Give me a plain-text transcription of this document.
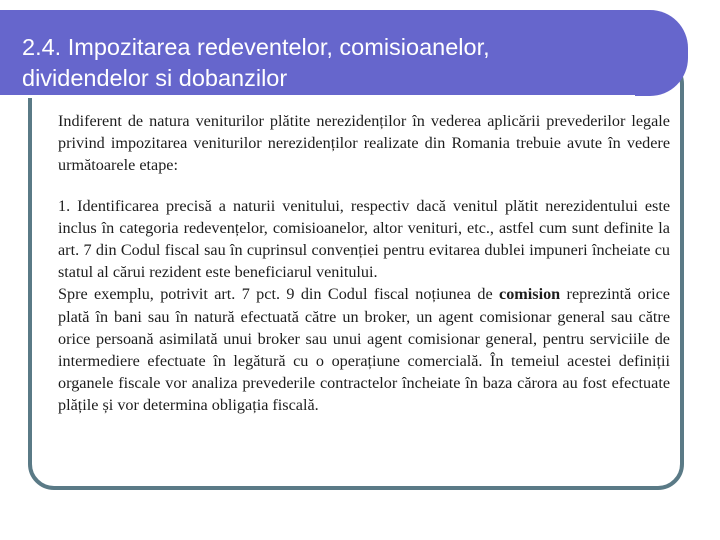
2.4. Impozitarea redeventelor, comisioanelor,
dividendelor si dobanzilor

Indiferent de natura veniturilor plătite nerezidenților în vederea aplicării prevederilor legale privind impozitarea veniturilor nerezidenților realizate din Romania trebuie avute în vedere următoarele etape:

1. Identificarea precisă a naturii venitului, respectiv dacă venitul plătit nerezidentului este inclus în categoria redevențelor, comisioanelor, altor venituri, etc., astfel cum sunt definite la art. 7 din Codul fiscal sau în cuprinsul convenției pentru evitarea dublei impuneri încheiate cu statul al cărui rezident este beneficiarul venitului.

Spre exemplu, potrivit art. 7 pct. 9 din Codul fiscal noțiunea de comision reprezintă orice plată în bani sau în natură efectuată către un broker, un agent comisionar general sau către orice persoană asimilată unui broker sau unui agent comisionar general, pentru serviciile de intermediere efectuate în legătură cu o operațiune comercială. În temeiul acestei definiții organele fiscale vor analiza prevederile contractelor încheiate în baza cărora au fost efectuate plățile și vor determina obligația fiscală.
